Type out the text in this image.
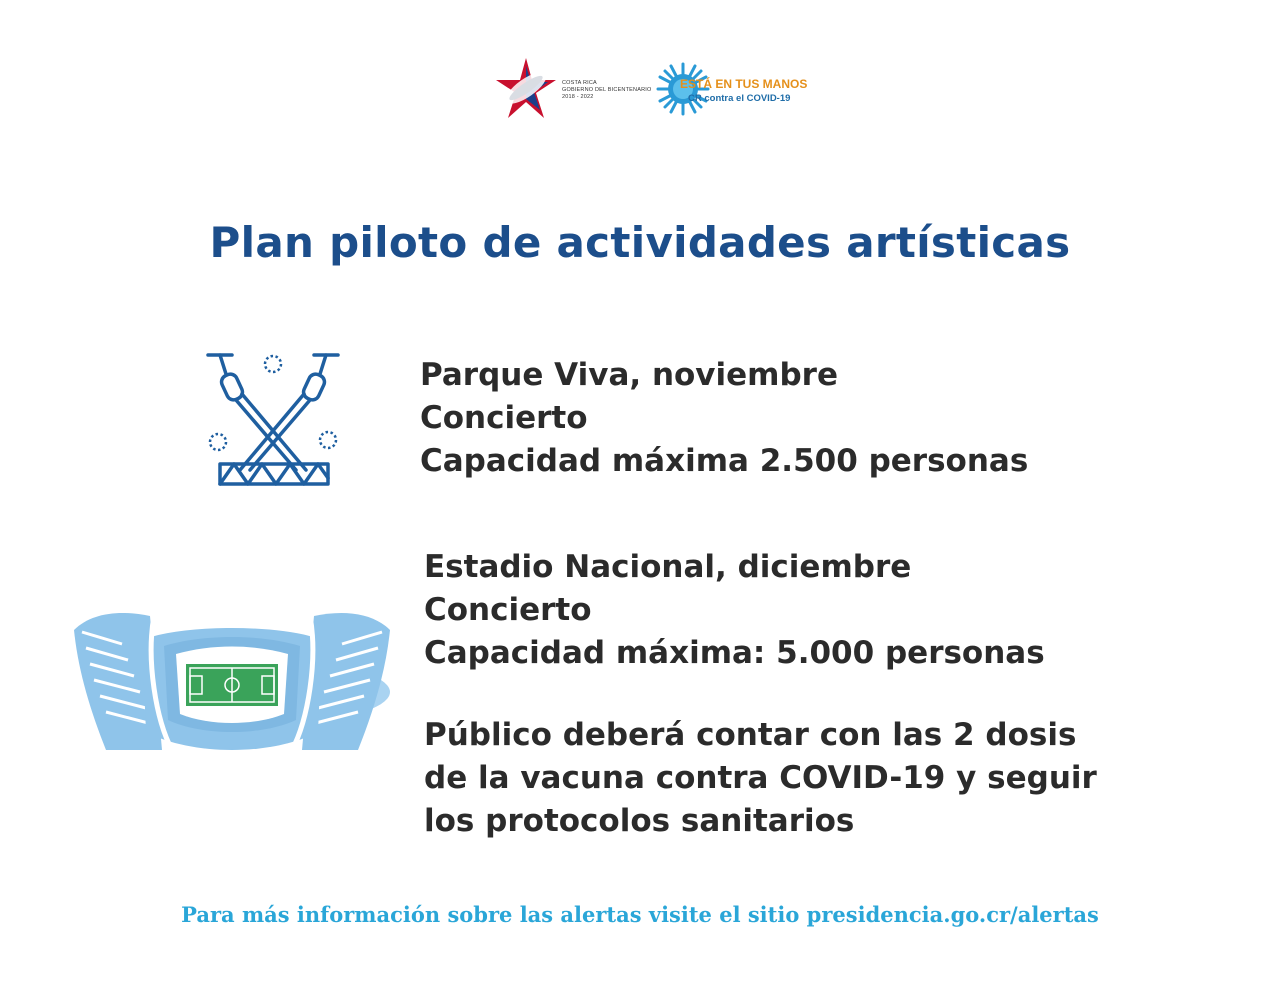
COSTA RICA
GOBIERNO DEL BICENTENARIO
2018 - 2022
ESTÁ EN TUS MANOS
CR contra el COVID-19
Plan piloto de actividades artísticas
Parque Viva, noviembre
Concierto
Capacidad máxima 2.500 personas
Estadio Nacional, diciembre
Concierto
Capacidad máxima: 5.000 personas
Público deberá contar con las 2 dosis
de la vacuna contra COVID-19 y seguir
los protocolos sanitarios
Para más información sobre las alertas visite el sitio presidencia.go.cr/alertas
